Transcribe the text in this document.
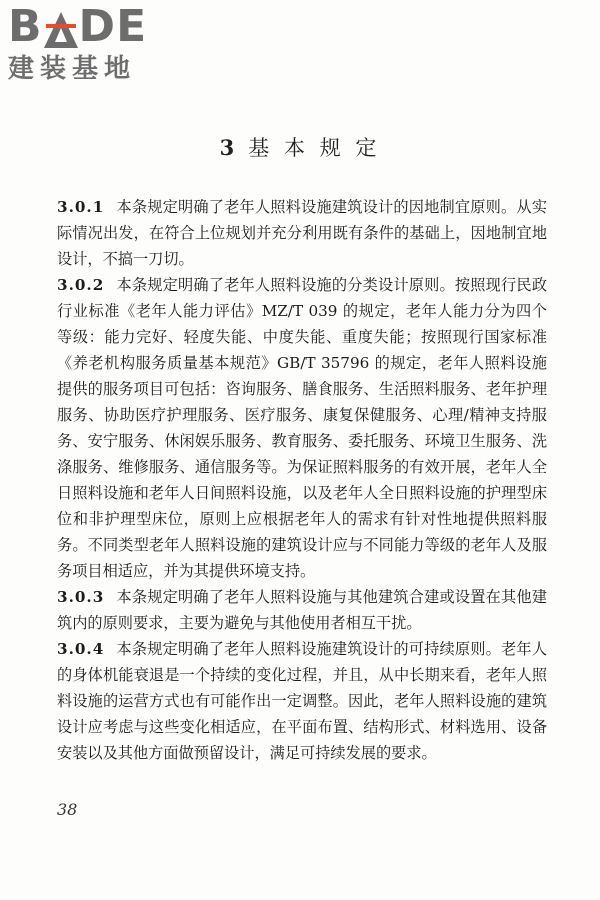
B DE
建装基地
3 基 本 规 定

3.0.1 本条规定明确了老年人照料设施建筑设计的因地制宜原则。从实际情况出发，在符合上位规划并充分利用既有条件的基础上，因地制宜地设计，不搞一刀切。

3.0.2 本条规定明确了老年人照料设施的分类设计原则。按照现行民政行业标准《老年人能力评估》MZ/T 039 的规定，老年人能力分为四个等级：能力完好、轻度失能、中度失能、重度失能；按照现行国家标准《养老机构服务质量基本规范》GB/T 35796 的规定，老年人照料设施提供的服务项目可包括：咨询服务、膳食服务、生活照料服务、老年护理服务、协助医疗护理服务、医疗服务、康复保健服务、心理/精神支持服务、安宁服务、休闲娱乐服务、教育服务、委托服务、环境卫生服务、洗涤服务、维修服务、通信服务等。为保证照料服务的有效开展，老年人全日照料设施和老年人日间照料设施，以及老年人全日照料设施的护理型床位和非护理型床位，原则上应根据老年人的需求有针对性地提供照料服务。不同类型老年人照料设施的建筑设计应与不同能力等级的老年人及服务项目相适应，并为其提供环境支持。

3.0.3 本条规定明确了老年人照料设施与其他建筑合建或设置在其他建筑内的原则要求，主要为避免与其他使用者相互干扰。

3.0.4 本条规定明确了老年人照料设施建筑设计的可持续原则。老年人的身体机能衰退是一个持续的变化过程，并且，从中长期来看，老年人照料设施的运营方式也有可能作出一定调整。因此，老年人照料设施的建筑设计应考虑与这些变化相适应，在平面布置、结构形式、材料选用、设备安装以及其他方面做预留设计，满足可持续发展的要求。

38
